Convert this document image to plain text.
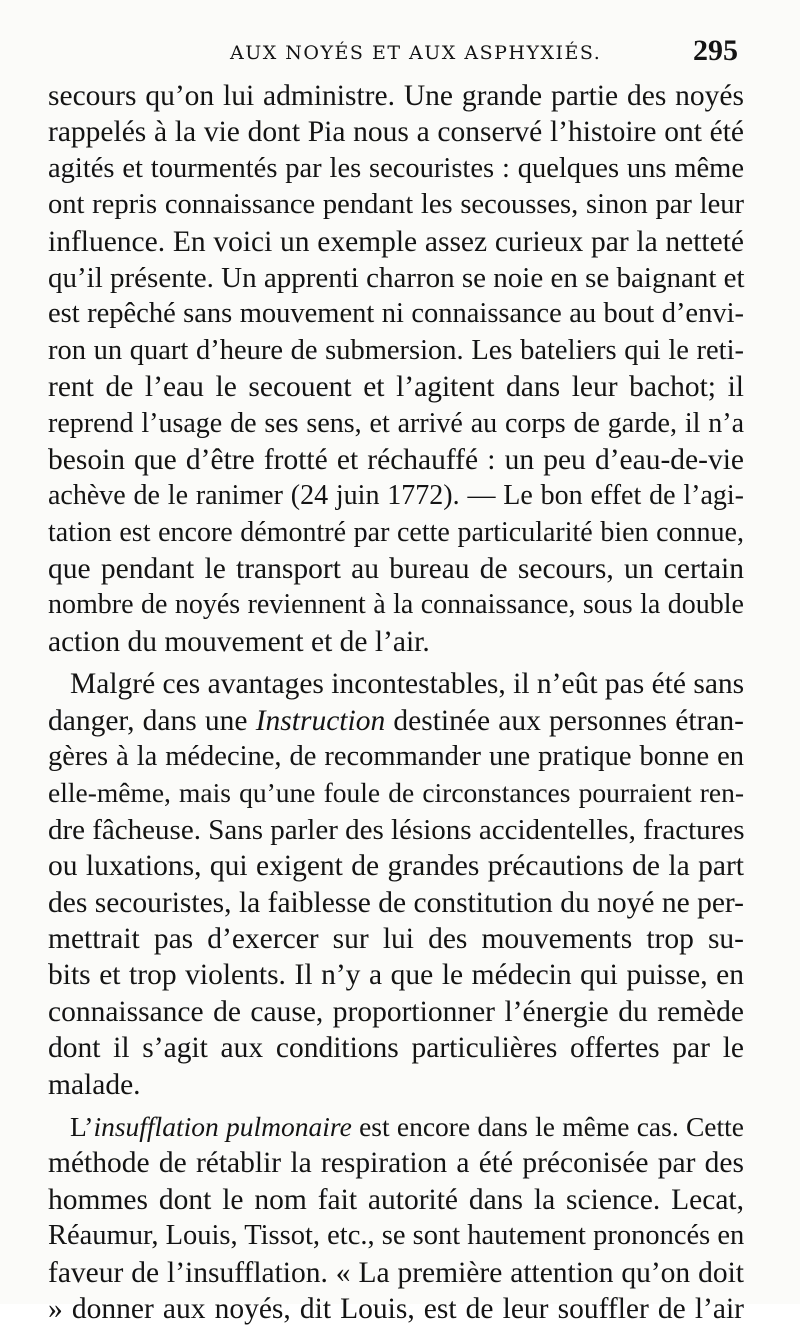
AUX NOYÉS ET AUX ASPHYXIÉS.	295
secours qu’on lui administre. Une grande partie des noyés
rappelés à la vie dont Pia nous a conservé l’histoire ont été
agités et tourmentés par les secouristes : quelques uns même
ont repris connaissance pendant les secousses, sinon par leur
influence. En voici un exemple assez curieux par la netteté
qu’il présente. Un apprenti charron se noie en se baignant et
est repêché sans mouvement ni connaissance au bout d’envi-
ron un quart d’heure de submersion. Les bateliers qui le reti-
rent de l’eau le secouent et l’agitent dans leur bachot; il
reprend l’usage de ses sens, et arrivé au corps de garde, il n’a
besoin que d’être frotté et réchauffé : un peu d’eau-de-vie
achève de le ranimer (24 juin 1772). — Le bon effet de l’agi-
tation est encore démontré par cette particularité bien connue,
que pendant le transport au bureau de secours, un certain
nombre de noyés reviennent à la connaissance, sous la double
action du mouvement et de l’air.
Malgré ces avantages incontestables, il n’eût pas été sans
danger, dans une Instruction destinée aux personnes étran-
gères à la médecine, de recommander une pratique bonne en
elle-même, mais qu’une foule de circonstances pourraient ren-
dre fâcheuse. Sans parler des lésions accidentelles, fractures
ou luxations, qui exigent de grandes précautions de la part
des secouristes, la faiblesse de constitution du noyé ne per-
mettrait pas d’exercer sur lui des mouvements trop su-
bits et trop violents. Il n’y a que le médecin qui puisse, en
connaissance de cause, proportionner l’énergie du remède
dont il s’agit aux conditions particulières offertes par le
malade.
L’insufflation pulmonaire est encore dans le même cas. Cette
méthode de rétablir la respiration a été préconisée par des
hommes dont le nom fait autorité dans la science. Lecat,
Réaumur, Louis, Tissot, etc., se sont hautement prononcés en
faveur de l’insufflation. « La première attention qu’on doit
» donner aux noyés, dit Louis, est de leur souffler de l’air
